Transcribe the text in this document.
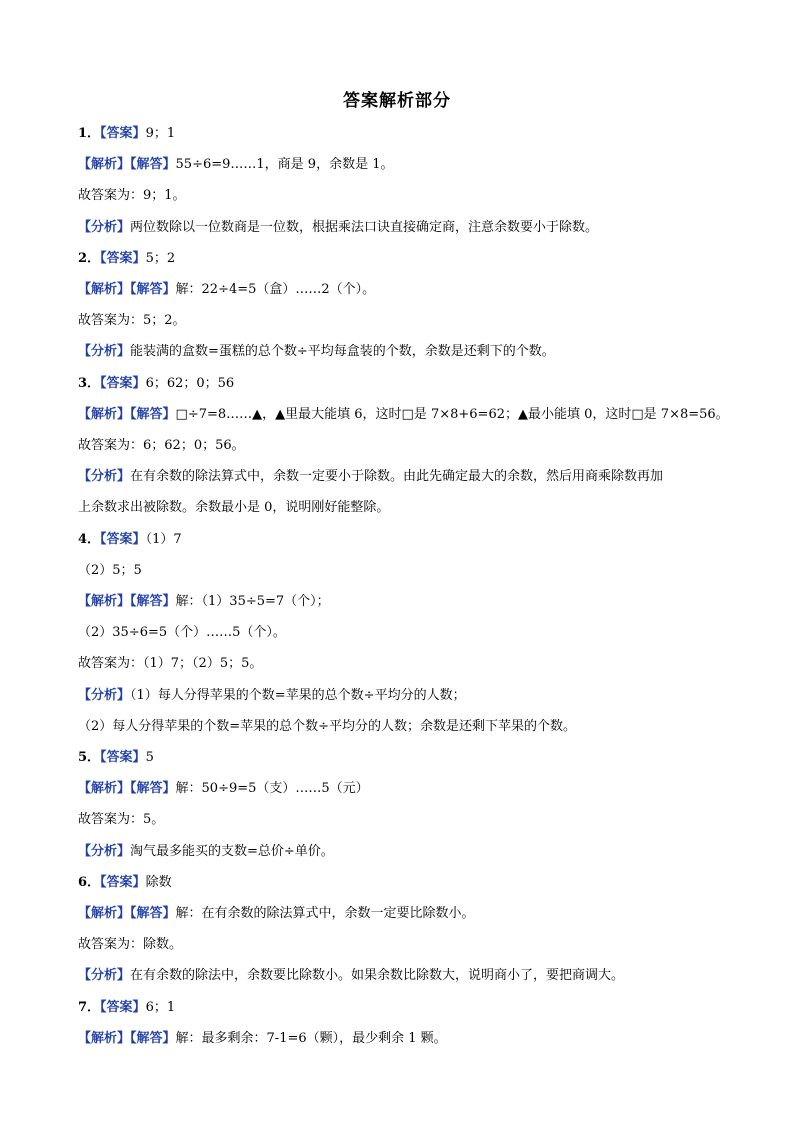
答案解析部分
1．【答案】9；1
【解析】【解答】55÷6=9……1，商是 9，余数是 1。
故答案为：9；1。
【分析】两位数除以一位数商是一位数，根据乘法口诀直接确定商，注意余数要小于除数。
2．【答案】5；2
【解析】【解答】解：22÷4=5（盒）……2（个）。
故答案为：5；2。
【分析】能装满的盒数=蛋糕的总个数÷平均每盒装的个数，余数是还剩下的个数。
3．【答案】6；62；0；56
【解析】【解答】□÷7=8……▲，▲里最大能填 6，这时□是 7×8+6=62；▲最小能填 0，这时□是 7×8=56。
故答案为：6；62；0；56。
【分析】在有余数的除法算式中，余数一定要小于除数。由此先确定最大的余数，然后用商乘除数再加
上余数求出被除数。余数最小是 0，说明刚好能整除。
4．【答案】（1）7
（2）5；5
【解析】【解答】解：（1）35÷5=7（个）；
（2）35÷6=5（个）……5（个）。
故答案为：（1）7；（2）5；5。
【分析】（1）每人分得苹果的个数=苹果的总个数÷平均分的人数；
（2）每人分得苹果的个数=苹果的总个数÷平均分的人数；余数是还剩下苹果的个数。
5．【答案】5
【解析】【解答】解：50÷9=5（支）……5（元）
故答案为：5。
【分析】淘气最多能买的支数=总价÷单价。
6．【答案】除数
【解析】【解答】解：在有余数的除法算式中，余数一定要比除数小。
故答案为：除数。
【分析】在有余数的除法中，余数要比除数小。如果余数比除数大，说明商小了，要把商调大。
7．【答案】6；1
【解析】【解答】解：最多剩余：7-1=6（颗），最少剩余 1 颗。
